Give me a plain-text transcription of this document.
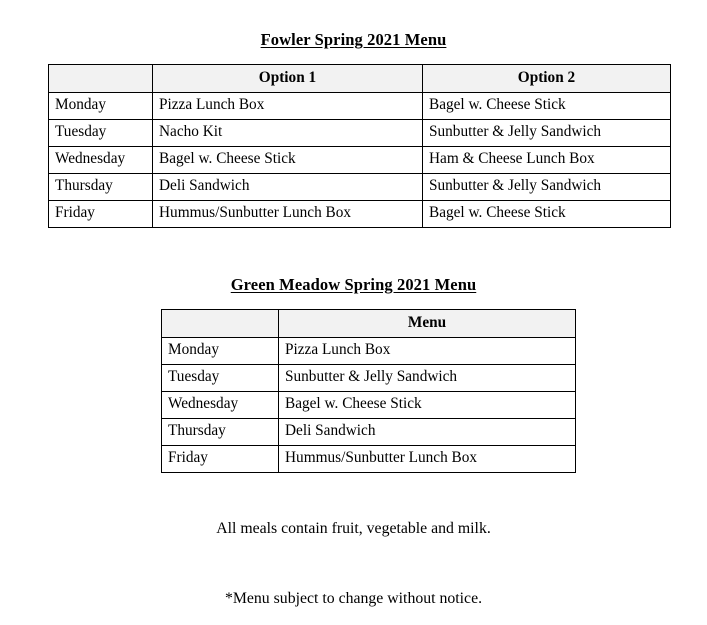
Fowler Spring 2021 Menu
	Option 1	Option 2
Monday	Pizza Lunch Box	Bagel w. Cheese Stick
Tuesday	Nacho Kit	Sunbutter & Jelly Sandwich
Wednesday	Bagel w. Cheese Stick	Ham & Cheese Lunch Box
Thursday	Deli Sandwich	Sunbutter & Jelly Sandwich
Friday	Hummus/Sunbutter Lunch Box	Bagel w. Cheese Stick
Green Meadow Spring 2021 Menu
	Menu
Monday	Pizza Lunch Box
Tuesday	Sunbutter & Jelly Sandwich
Wednesday	Bagel w. Cheese Stick
Thursday	Deli Sandwich
Friday	Hummus/Sunbutter Lunch Box
All meals contain fruit, vegetable and milk.
*Menu subject to change without notice.
